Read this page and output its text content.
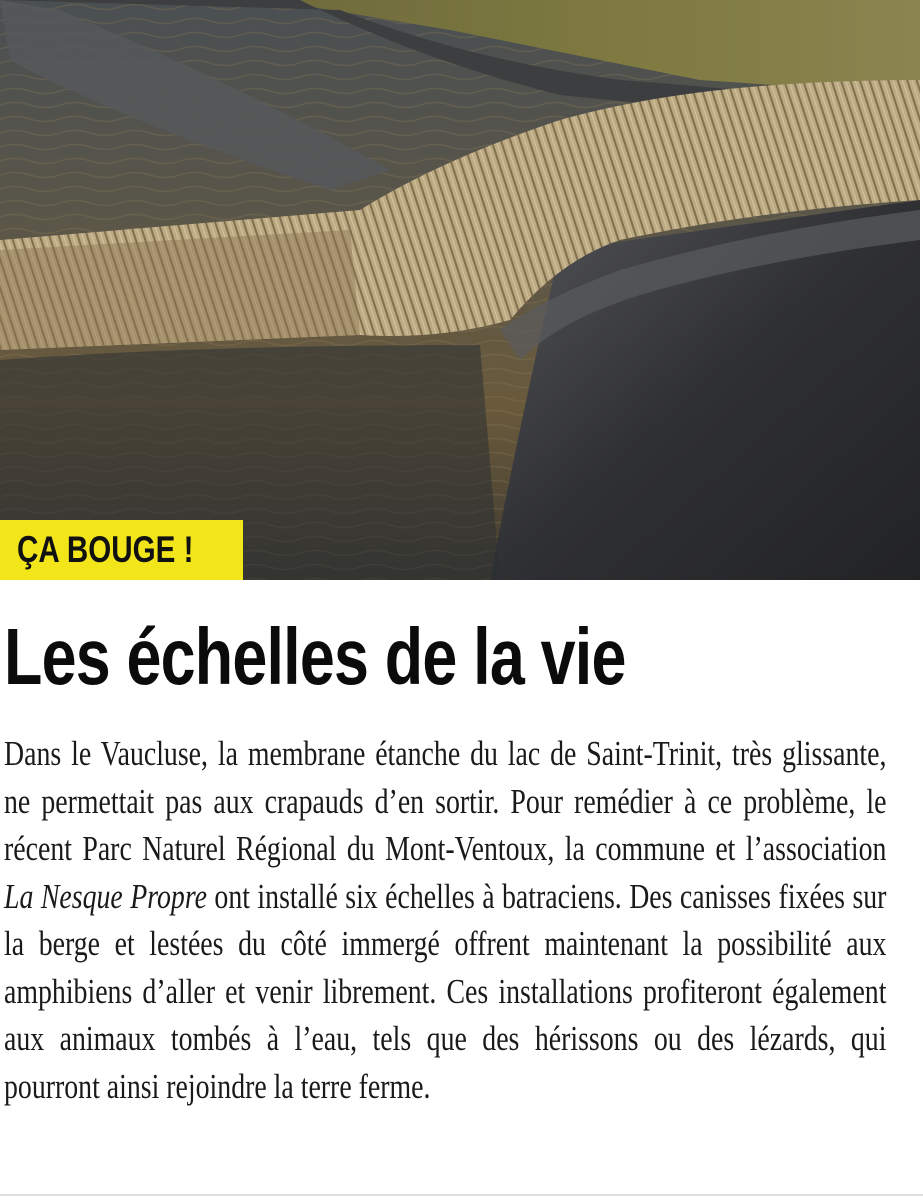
ÇA BOUGE !
Les échelles de la vie

Dans le Vaucluse, la membrane étanche du lac de Saint-Trinit, très glissante, ne permettait pas aux crapauds d’en sortir. Pour remédier à ce problème, le récent Parc Naturel Régional du Mont-Ventoux, la commune et l’association La Nesque Propre ont installé six échelles à batraciens. Des canisses fixées sur la berge et lestées du côté immergé offrent maintenant la possibilité aux amphibiens d’aller et venir librement. Ces installations profiteront également aux animaux tombés à l’eau, tels que des hérissons ou des lézards, qui pourront ainsi rejoindre la terre ferme.
